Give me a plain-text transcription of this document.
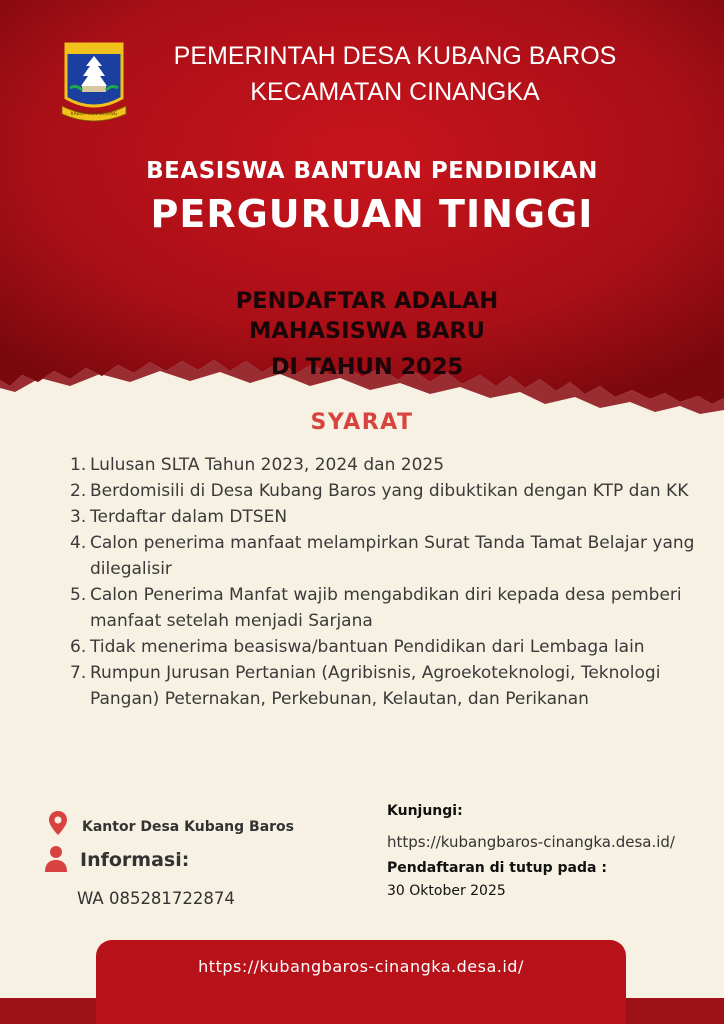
KABUPATEN SERANG
PEMERINTAH DESA KUBANG BAROS
KECAMATAN CINANGKA
BEASISWA BANTUAN PENDIDIKAN
PERGURUAN TINGGI
PENDAFTAR ADALAH
MAHASISWA BARU
DI TAHUN 2025
SYARAT
1. Lulusan SLTA Tahun 2023, 2024 dan 2025
2. Berdomisili di Desa Kubang Baros yang dibuktikan dengan KTP dan KK
3. Terdaftar dalam DTSEN
4. Calon penerima manfaat melampirkan Surat Tanda Tamat Belajar yang dilegalisir
5. Calon Penerima Manfat wajib mengabdikan diri kepada desa pemberi manfaat setelah menjadi Sarjana
6. Tidak menerima beasiswa/bantuan Pendidikan dari Lembaga lain
7. Rumpun Jurusan Pertanian (Agribisnis, Agroekoteknologi, Teknologi Pangan) Peternakan, Perkebunan, Kelautan, dan Perikanan
Kantor Desa Kubang Baros
Informasi:
WA 085281722874
Kunjungi:
https://kubangbaros-cinangka.desa.id/
Pendaftaran di tutup pada :
30 Oktober 2025
https://kubangbaros-cinangka.desa.id/
